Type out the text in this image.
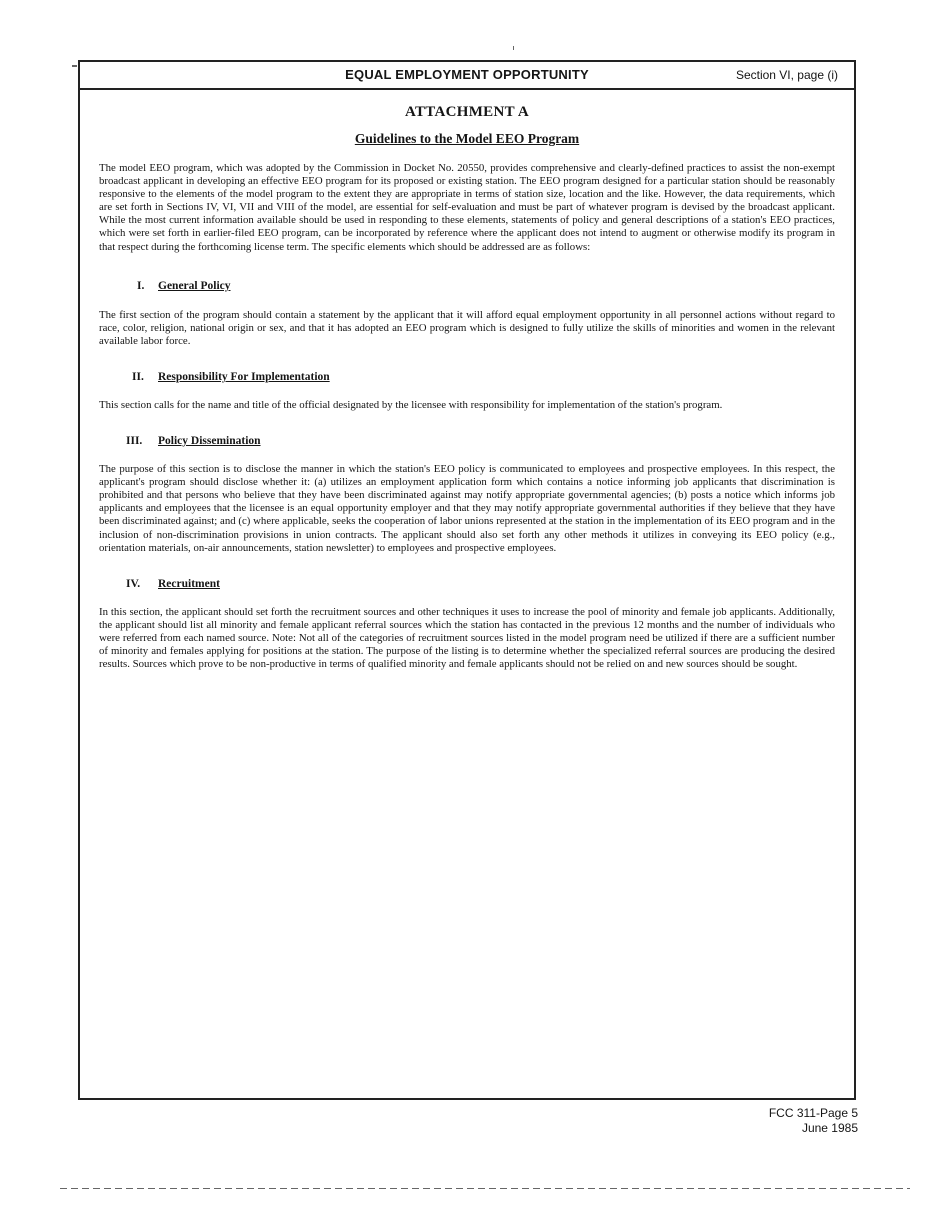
EQUAL EMPLOYMENT OPPORTUNITY	Section VI, page (i)
ATTACHMENT A
Guidelines to the Model EEO Program

The model EEO program, which was adopted by the Commission in Docket No. 20550, provides comprehensive and clearly-defined practices to assist the non-exempt broadcast applicant in developing an effective EEO program for its proposed or existing station. The EEO program designed for a particular station should be reasonably responsive to the elements of the model program to the extent they are appropriate in terms of station size, location and the like. However, the data requirements, which are set forth in Sections IV, VI, VII and VIII of the model, are essential for self-evaluation and must be part of whatever program is devised by the broadcast applicant. While the most current information available should be used in responding to these elements, statements of policy and general descriptions of a station's EEO practices, which were set forth in earlier-filed EEO program, can be incorporated by reference where the applicant does not intend to augment or otherwise modify its program in that respect during the forthcoming license term. The specific elements which should be addressed are as follows:

I.	General Policy

The first section of the program should contain a statement by the applicant that it will afford equal employment opportunity in all personnel actions without regard to race, color, religion, national origin or sex, and that it has adopted an EEO program which is designed to fully utilize the skills of minorities and women in the relevant available labor force.

II.	Responsibility For Implementation

This section calls for the name and title of the official designated by the licensee with responsibility for implementation of the station's program.

III.	Policy Dissemination

The purpose of this section is to disclose the manner in which the station's EEO policy is communicated to employees and prospective employees. In this respect, the applicant's program should disclose whether it: (a) utilizes an employment application form which contains a notice informing job applicants that discrimination is prohibited and that persons who believe that they have been discriminated against may notify appropriate governmental agencies; (b) posts a notice which informs job applicants and employees that the licensee is an equal opportunity employer and that they may notify appropriate governmental authorities if they believe that they have been discriminated against; and (c) where applicable, seeks the cooperation of labor unions represented at the station in the implementation of its EEO program and in the inclusion of non-discrimination provisions in union contracts. The applicant should also set forth any other methods it utilizes in conveying its EEO policy (e.g., orientation materials, on-air announcements, station newsletter) to employees and prospective employees.

IV.	Recruitment

In this section, the applicant should set forth the recruitment sources and other techniques it uses to increase the pool of minority and female job applicants. Additionally, the applicant should list all minority and female applicant referral sources which the station has contacted in the previous 12 months and the number of individuals who were referred from each named source. Note: Not all of the categories of recruitment sources listed in the model program need be utilized if there are a sufficient number of minority and females applying for positions at the station. The purpose of the listing is to determine whether the specialized referral sources are producing the desired results. Sources which prove to be non-productive in terms of qualified minority and female applicants should not be relied on and new sources should be sought.

FCC 311-Page 5
June 1985
